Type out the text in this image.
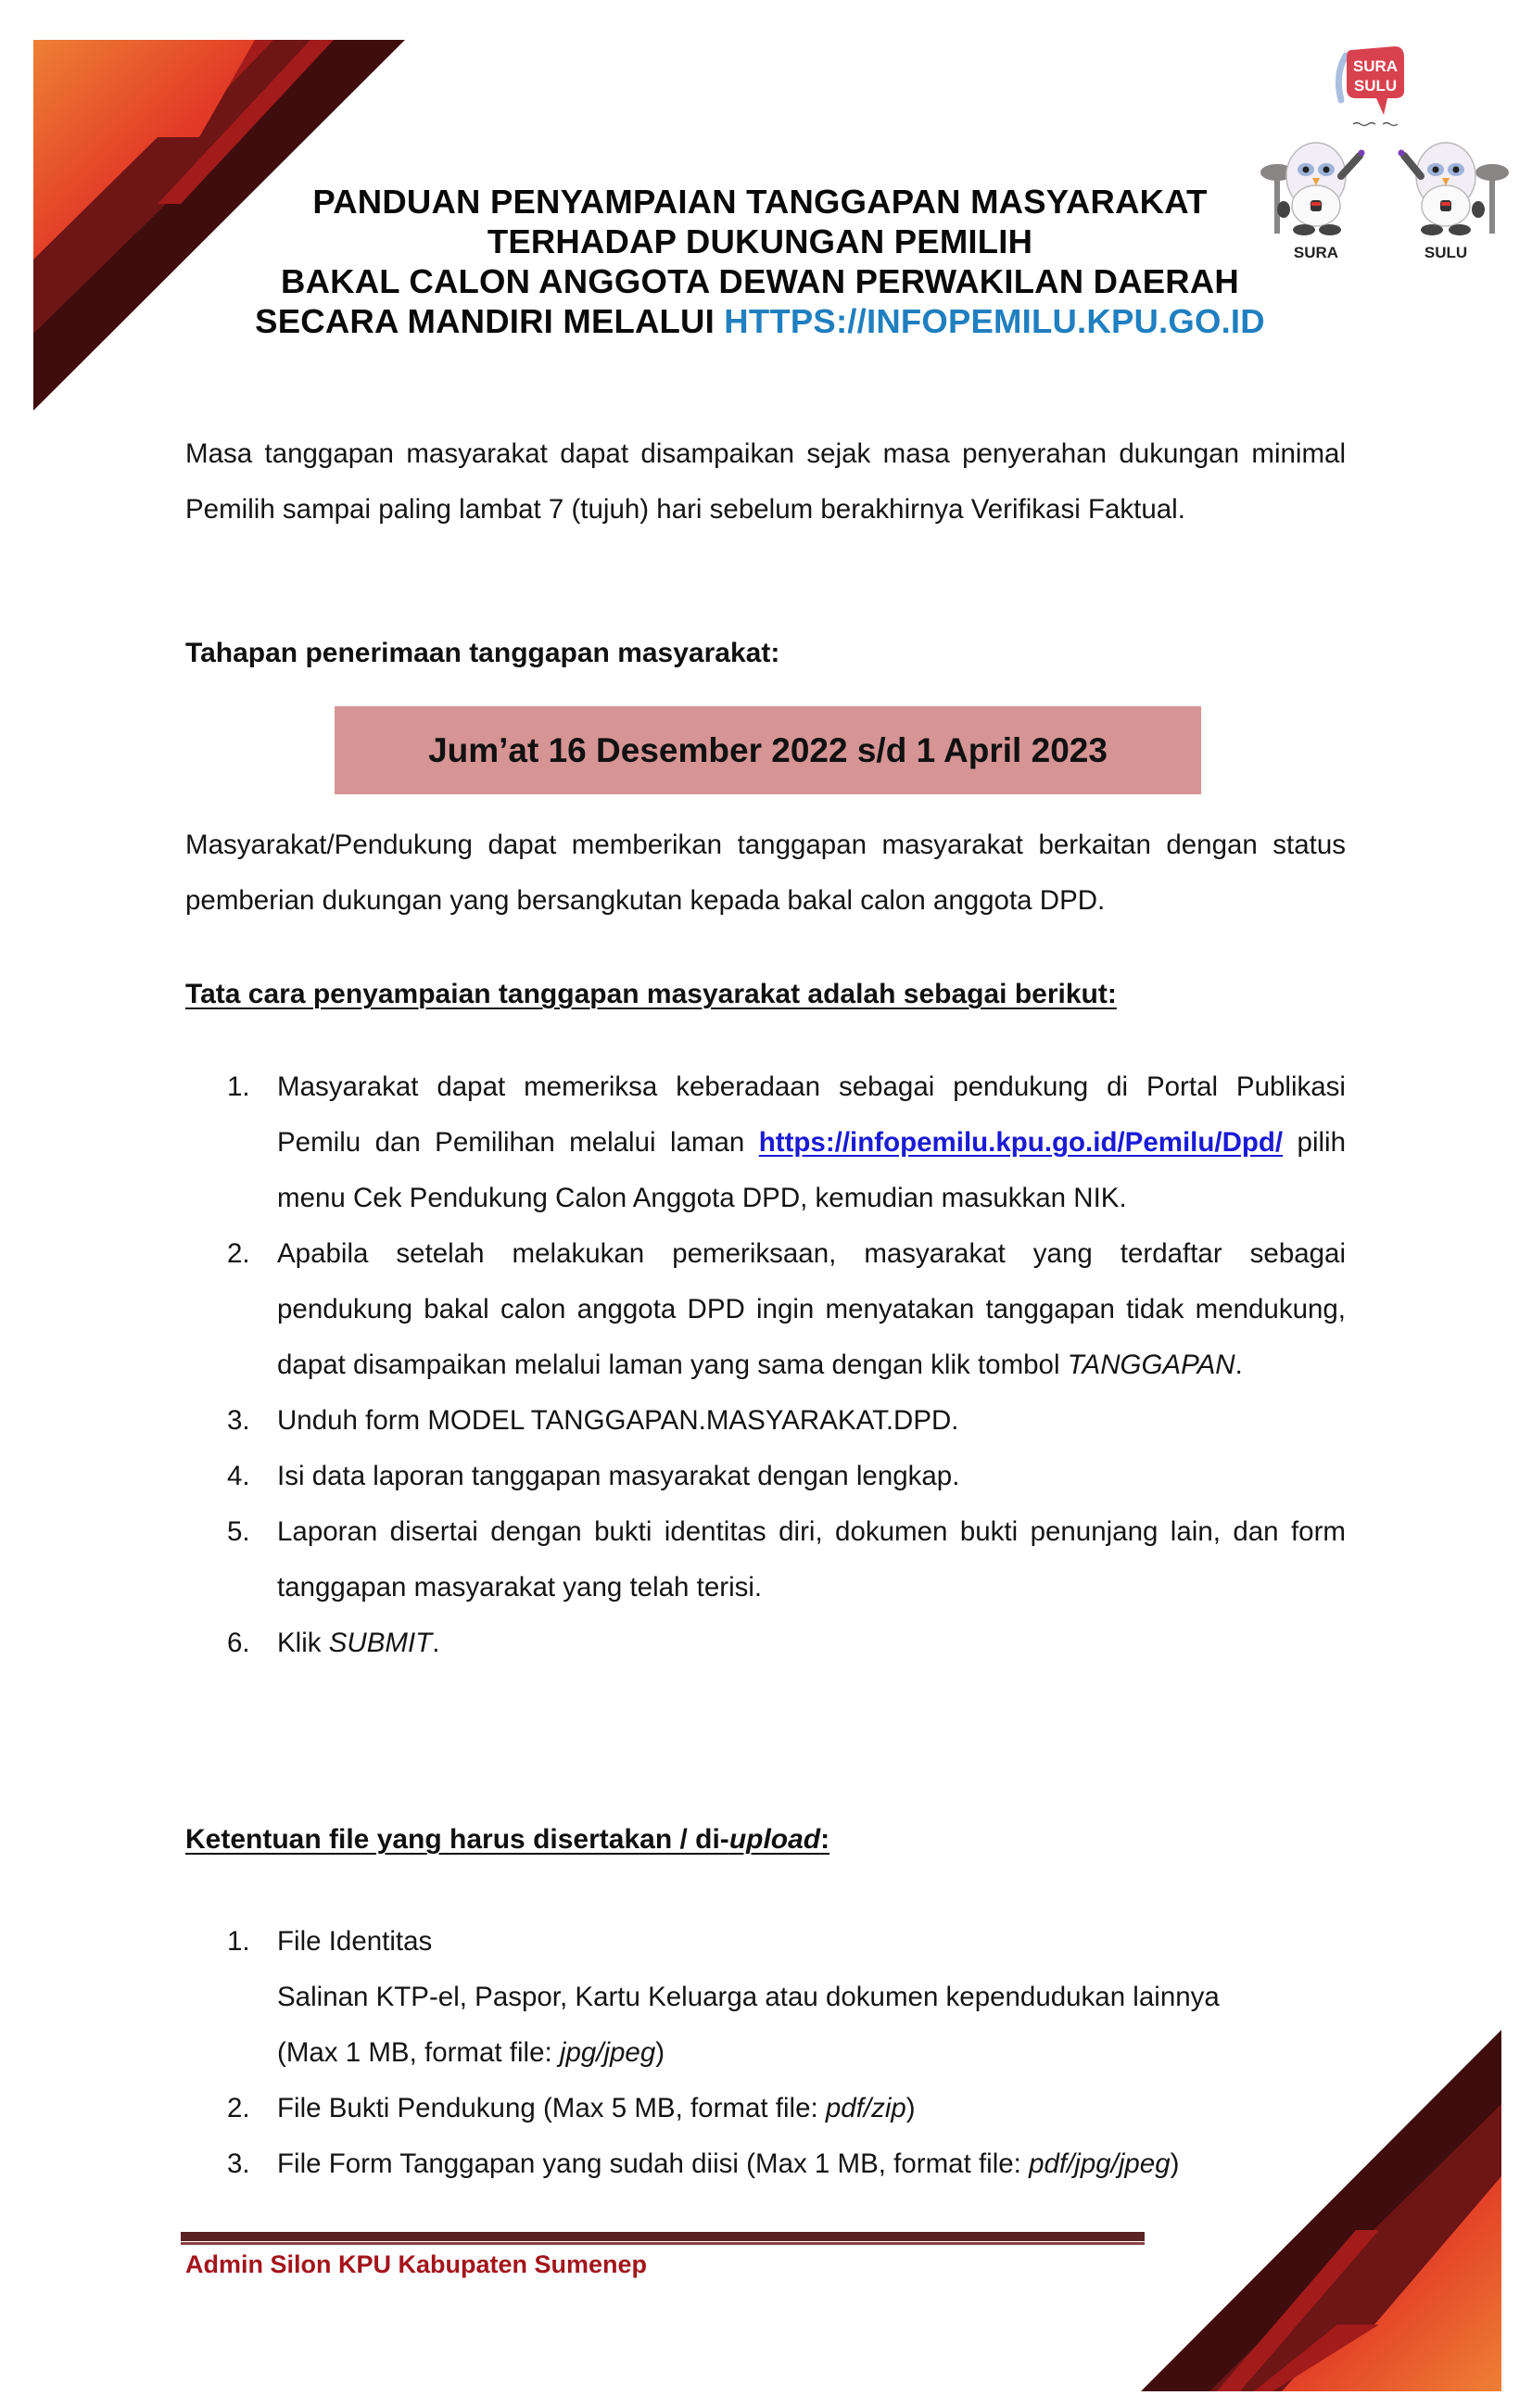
SURA
SULU
SURA	SULU
PANDUAN PENYAMPAIAN TANGGAPAN MASYARAKAT
TERHADAP DUKUNGAN PEMILIH
BAKAL CALON ANGGOTA DEWAN PERWAKILAN DAERAH
SECARA MANDIRI MELALUI HTTPS://INFOPEMILU.KPU.GO.ID
Masa tanggapan masyarakat dapat disampaikan sejak masa penyerahan dukungan minimal Pemilih sampai paling lambat 7 (tujuh) hari sebelum berakhirnya Verifikasi Faktual.
Tahapan penerimaan tanggapan masyarakat:
Jum’at 16 Desember 2022 s/d 1 April 2023
Masyarakat/Pendukung dapat memberikan tanggapan masyarakat berkaitan dengan status pemberian dukungan yang bersangkutan kepada bakal calon anggota DPD.
Tata cara penyampaian tanggapan masyarakat adalah sebagai berikut:
1. Masyarakat dapat memeriksa keberadaan sebagai pendukung di Portal Publikasi Pemilu dan Pemilihan melalui laman https://infopemilu.kpu.go.id/Pemilu/Dpd/ pilih menu Cek Pendukung Calon Anggota DPD, kemudian masukkan NIK.
2. Apabila setelah melakukan pemeriksaan, masyarakat yang terdaftar sebagai pendukung bakal calon anggota DPD ingin menyatakan tanggapan tidak mendukung, dapat disampaikan melalui laman yang sama dengan klik tombol TANGGAPAN.
3. Unduh form MODEL TANGGAPAN.MASYARAKAT.DPD.
4. Isi data laporan tanggapan masyarakat dengan lengkap.
5. Laporan disertai dengan bukti identitas diri, dokumen bukti penunjang lain, dan form tanggapan masyarakat yang telah terisi.
6. Klik SUBMIT.
Ketentuan file yang harus disertakan / di-upload:
1. File Identitas
Salinan KTP-el, Paspor, Kartu Keluarga atau dokumen kependudukan lainnya
(Max 1 MB, format file: jpg/jpeg)
2. File Bukti Pendukung (Max 5 MB, format file: pdf/zip)
3. File Form Tanggapan yang sudah diisi (Max 1 MB, format file: pdf/jpg/jpeg)
Admin Silon KPU Kabupaten Sumenep
